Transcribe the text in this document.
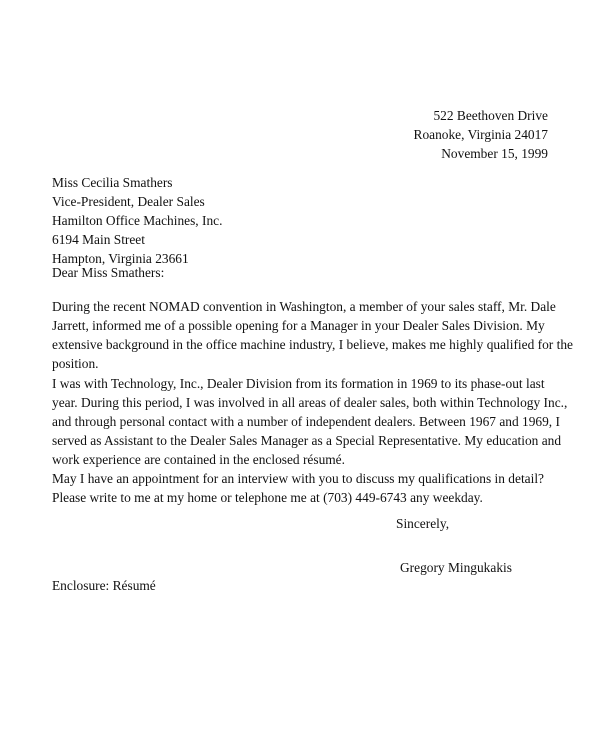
522 Beethoven Drive
Roanoke, Virginia 24017
November 15, 1999
Miss Cecilia Smathers
Vice-President, Dealer Sales
Hamilton Office Machines, Inc.
6194 Main Street
Hampton, Virginia 23661
Dear Miss Smathers:
During the recent NOMAD convention in Washington, a member of your sales staff, Mr. Dale
Jarrett, informed me of a possible opening for a Manager in your Dealer Sales Division. My
extensive background in the office machine industry, I believe, makes me highly qualified for the
position.
I was with Technology, Inc., Dealer Division from its formation in 1969 to its phase-out last
year. During this period, I was involved in all areas of dealer sales, both within Technology Inc.,
and through personal contact with a number of independent dealers. Between 1967 and 1969, I
served as Assistant to the Dealer Sales Manager as a Special Representative. My education and
work experience are contained in the enclosed résumé.
May I have an appointment for an interview with you to discuss my qualifications in detail?
Please write to me at my home or telephone me at (703) 449-6743 any weekday.
Sincerely,
Gregory Mingukakis
Enclosure: Résumé
